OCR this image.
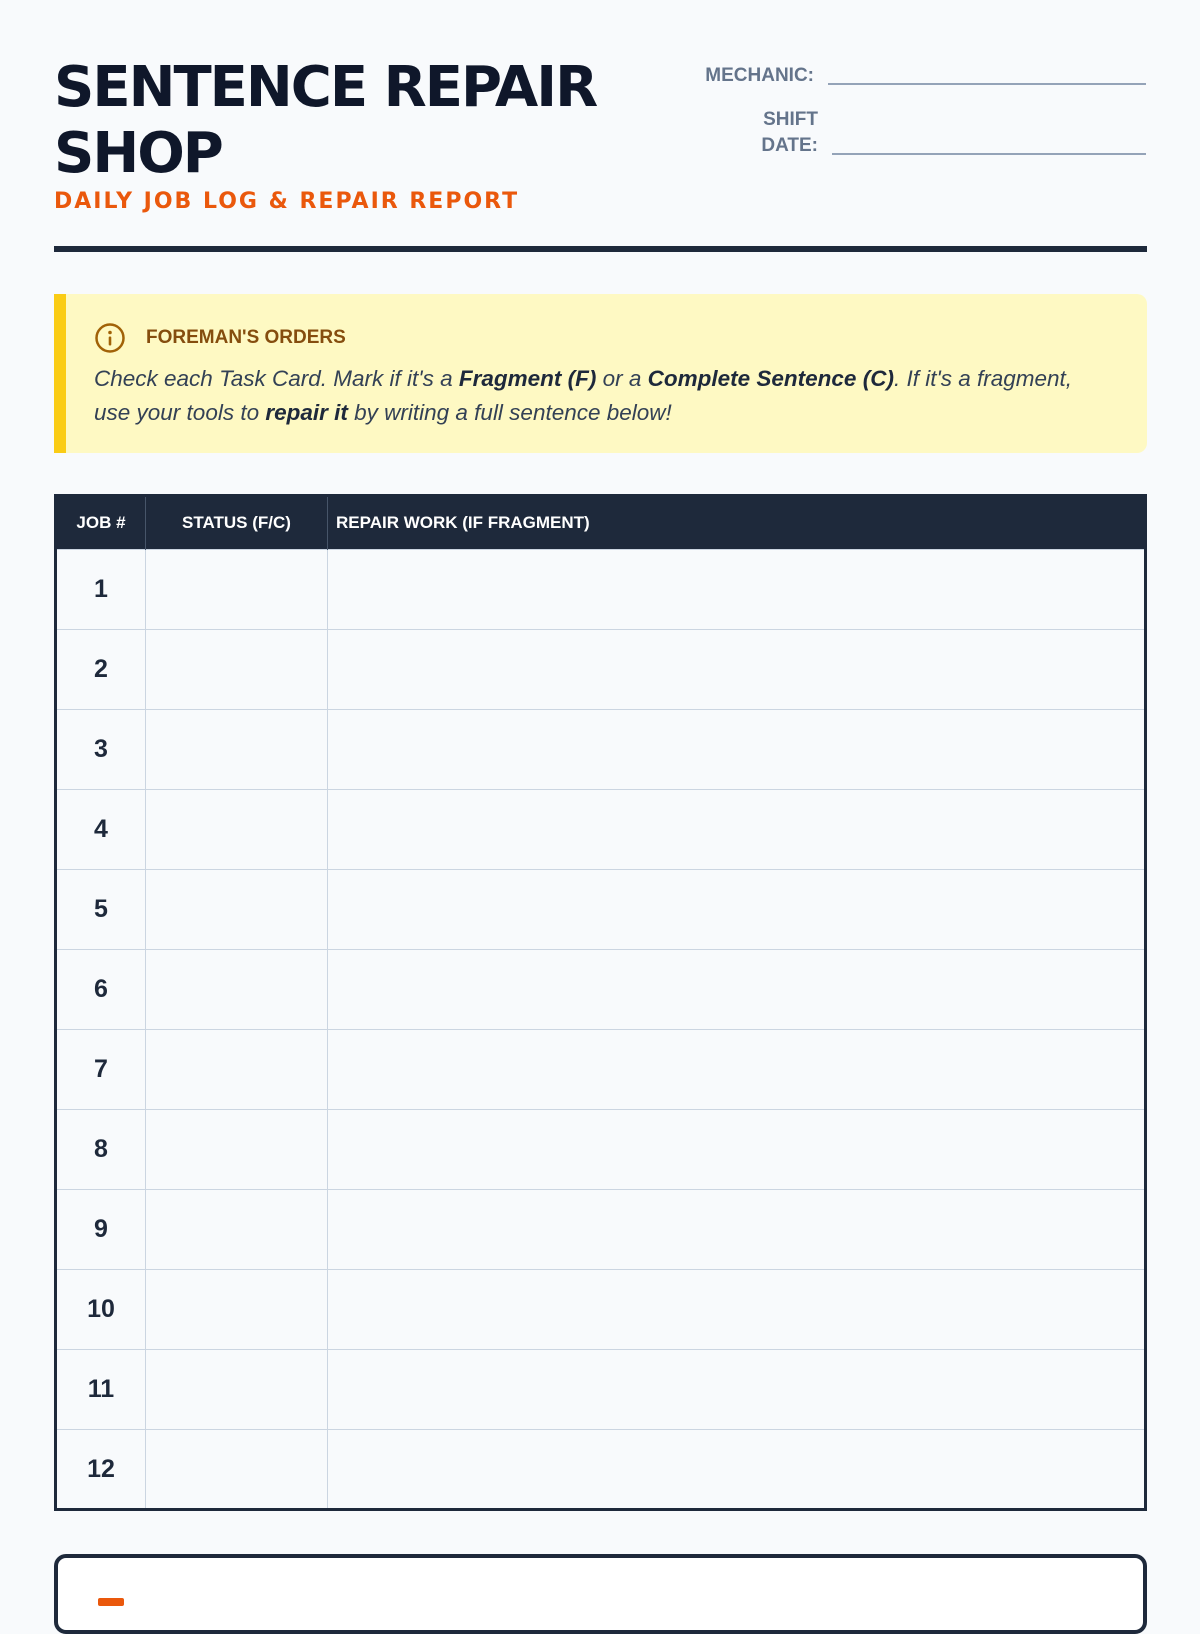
SENTENCE REPAIR SHOP
DAILY JOB LOG & REPAIR REPORT
MECHANIC:
SHIFT
DATE:
FOREMAN'S ORDERS
Check each Task Card. Mark if it's a Fragment (F) or a Complete Sentence (C). If it's a fragment, use your tools to repair it by writing a full sentence below!
JOB #	STATUS (F/C)	REPAIR WORK (IF FRAGMENT)
1		
2		
3		
4		
5		
6		
7		
8		
9		
10		
11		
12		
